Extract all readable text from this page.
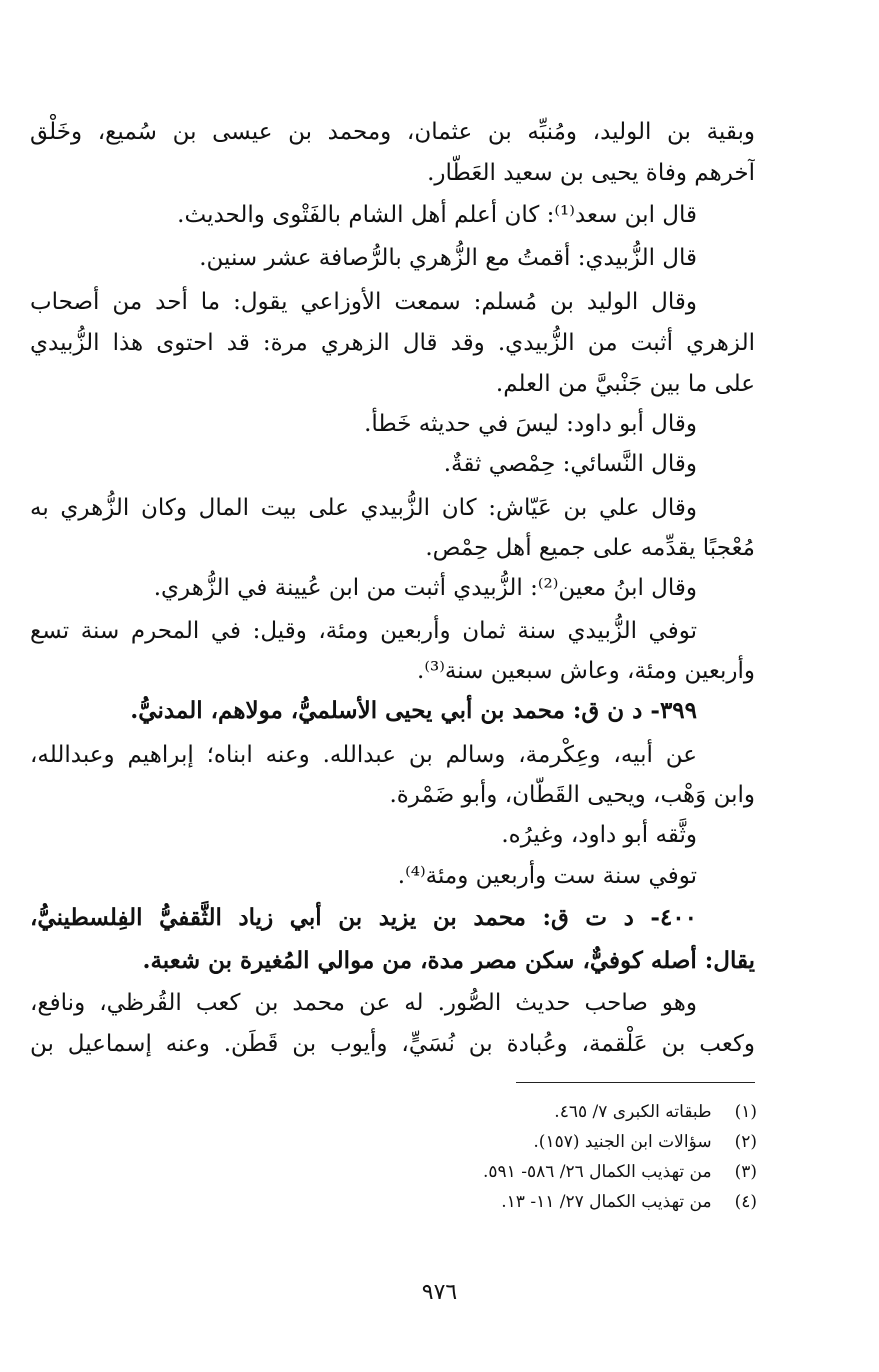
وبقية بن الوليد، ومُنبِّه بن عثمان، ومحمد بن عيسى بن سُميع، وخَلْق
آخرهم وفاة يحيى بن سعيد العَطّار.
قال ابن سعد⁽¹⁾: كان أعلم أهل الشام بالفَتْوى والحديث.
قال الزُّبيدي: أقمتُ مع الزُّهري بالرُّصافة عشر سنين.
وقال الوليد بن مُسلم: سمعت الأوزاعي يقول: ما أحد من أصحاب
الزهري أثبت من الزُّبيدي. وقد قال الزهري مرة: قد احتوى هذا الزُّبيدي
على ما بين جَنْبيَّ من العلم.
وقال أبو داود: ليسَ في حديثه خَطأ.
وقال النَّسائي: حِمْصي ثقةٌ.
وقال علي بن عَيّاش: كان الزُّبيدي على بيت المال وكان الزُّهري به
مُعْجبًا يقدِّمه على جميع أهل حِمْص.
وقال ابنُ معين⁽²⁾: الزُّبيدي أثبت من ابن عُيينة في الزُّهري.
توفي الزُّبيدي سنة ثمان وأربعين ومئة، وقيل: في المحرم سنة تسع
وأربعين ومئة، وعاش سبعين سنة⁽³⁾.
٣٩٩- د ن ق: محمد بن أبي يحيى الأسلميُّ، مولاهم، المدنيُّ.
عن أبيه، وعِكْرمة، وسالم بن عبدالله. وعنه ابناه؛ إبراهيم وعبدالله،
وابن وَهْب، ويحيى القَطّان، وأبو ضَمْرة.
وثَّقه أبو داود، وغيرُه.
توفي سنة ست وأربعين ومئة⁽⁴⁾.
٤٠٠- د ت ق: محمد بن يزيد بن أبي زياد الثَّقفيُّ الفِلسطينيُّ،
يقال: أصله كوفيٌّ، سكن مصر مدة، من موالي المُغيرة بن شعبة.
وهو صاحب حديث الصُّور. له عن محمد بن كعب القُرظي، ونافع،
وكعب بن عَلْقمة، وعُبادة بن نُسَيٍّ، وأيوب بن قَطَن. وعنه إسماعيل بن
(١) طبقاته الكبرى ٧/ ٤٦٥.
(٢) سؤالات ابن الجنيد (١٥٧).
(٣) من تهذيب الكمال ٢٦/ ٥٨٦- ٥٩١.
(٤) من تهذيب الكمال ٢٧/ ١١- ١٣.
٩٧٦
